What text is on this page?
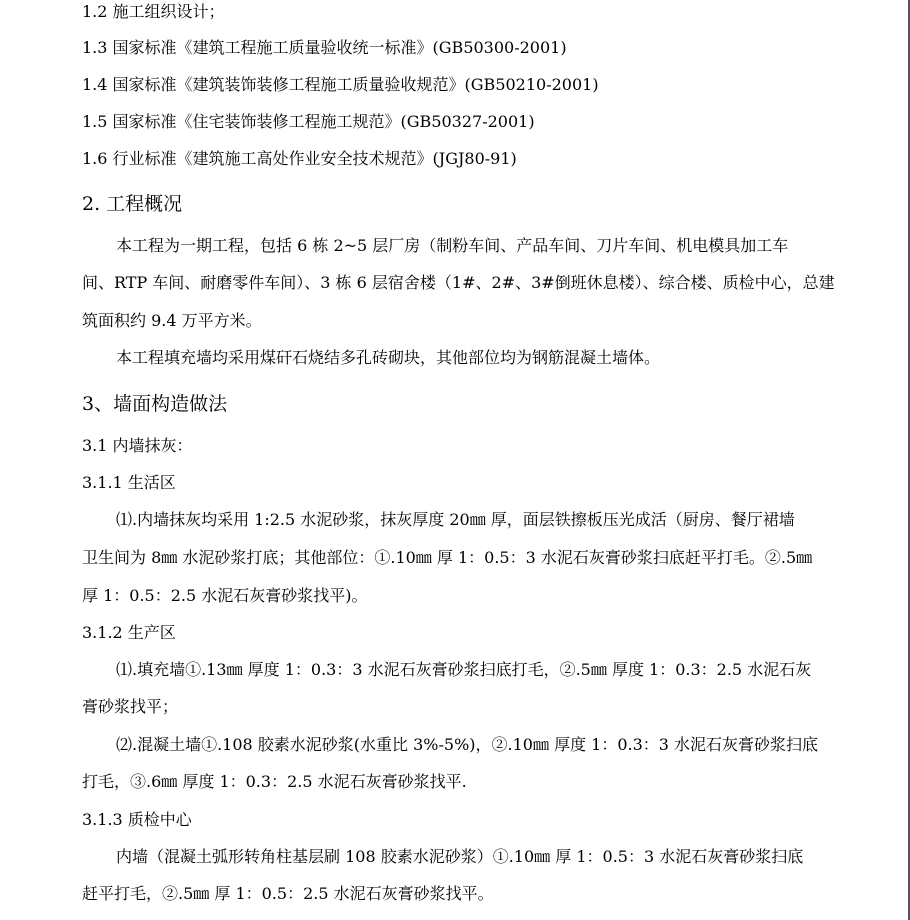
1.2 施工组织设计；
1.3 国家标准《建筑工程施工质量验收统一标准》(GB50300-2001)
1.4 国家标准《建筑装饰装修工程施工质量验收规范》(GB50210-2001)
1.5 国家标准《住宅装饰装修工程施工规范》(GB50327-2001)
1.6 行业标准《建筑施工高处作业安全技术规范》(JGJ80-91)
2. 工程概况
本工程为一期工程，包括 6 栋 2~5 层厂房（制粉车间、产品车间、刀片车间、机电模具加工车
间、RTP 车间、耐磨零件车间）、3 栋 6 层宿舍楼（1#、2#、3#倒班休息楼）、综合楼、质检中心，总建
筑面积约 9.4 万平方米。
本工程填充墙均采用煤矸石烧结多孔砖砌块，其他部位均为钢筋混凝土墙体。
3、墙面构造做法
3.1 内墙抹灰：
3.1.1 生活区
⑴.内墙抹灰均采用 1:2.5 水泥砂浆，抹灰厚度 20㎜ 厚，面层铁擦板压光成活（厨房、餐厅裙墙
卫生间为 8㎜ 水泥砂浆打底；其他部位：①.10㎜ 厚 1：0.5：3 水泥石灰膏砂浆扫底赶平打毛。②.5㎜
厚 1：0.5：2.5 水泥石灰膏砂浆找平)。
3.1.2 生产区
⑴.填充墙①.13㎜ 厚度 1：0.3：3 水泥石灰膏砂浆扫底打毛，②.5㎜ 厚度 1：0.3：2.5 水泥石灰
膏砂浆找平；
⑵.混凝土墙①.108 胶素水泥砂浆(水重比 3%-5%)，②.10㎜ 厚度 1：0.3：3 水泥石灰膏砂浆扫底
打毛，③.6㎜ 厚度 1：0.3：2.5 水泥石灰膏砂浆找平.
3.1.3 质检中心
内墙（混凝土弧形转角柱基层刷 108 胶素水泥砂浆）①.10㎜ 厚 1：0.5：3 水泥石灰膏砂浆扫底
赶平打毛，②.5㎜ 厚 1：0.5：2.5 水泥石灰膏砂浆找平。
